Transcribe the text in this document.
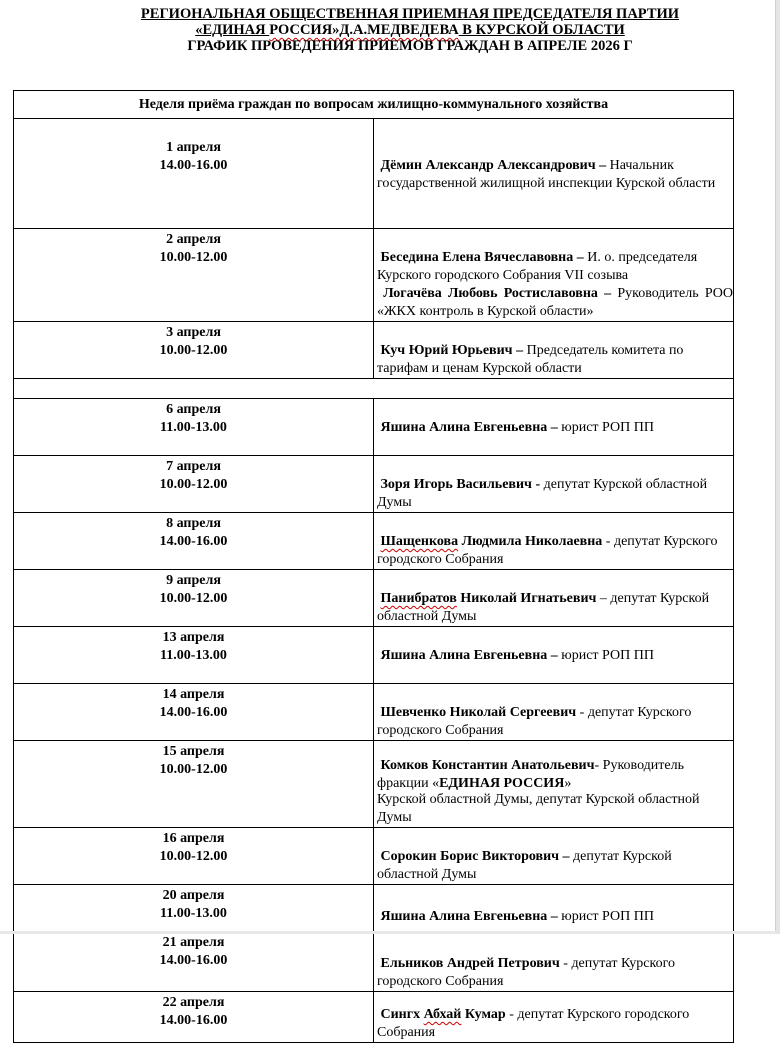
РЕГИОНАЛЬНАЯ ОБЩЕСТВЕННАЯ ПРИЕМНАЯ ПРЕДСЕДАТЕЛЯ ПАРТИИ
«ЕДИНАЯ РОССИЯ»Д.А.МЕДВЕДЕВА В КУРСКОЙ ОБЛАСТИ
ГРАФИК ПРОВЕДЕНИЯ ПРИЕМОВ ГРАЖДАН В АПРЕЛЕ 2026 Г
Неделя приёма граждан по вопросам жилищно-коммунального хозяйства	

1 апреля
14.00-16.00	Дёмин Александр Александрович – Начальник государственной жилищной инспекции Курской области

2 апреля
10.00-12.00	Беседина Елена Вячеславовна – И. о. председателя Курского городского Собрания VII созыва
Логачёва Любовь Ростиславовна – Руководитель РОО «ЖКХ контроль в Курской области»

3 апреля
10.00-12.00	Куч Юрий Юрьевич – Председатель комитета по тарифам и ценам Курской области

6 апреля
11.00-13.00	Яшина Алина Евгеньевна – юрист РОП ПП

7 апреля
10.00-12.00	Зоря Игорь Васильевич - депутат Курской областной Думы

8 апреля
14.00-16.00	Шащенкова Людмила Николаевна - депутат Курского городского Собрания

9 апреля
10.00-12.00	Панибратов Николай Игнатьевич – депутат Курской областной Думы

13 апреля
11.00-13.00	Яшина Алина Евгеньевна – юрист РОП ПП

14 апреля
14.00-16.00	Шевченко Николай Сергеевич - депутат Курского городского Собрания

15 апреля
10.00-12.00	Комков Константин Анатольевич- Руководитель фракции «ЕДИНАЯ РОССИЯ»
Курской областной Думы, депутат Курской областной Думы

16 апреля
10.00-12.00	Сорокин Борис Викторович – депутат Курской областной Думы

20 апреля
11.00-13.00	Яшина Алина Евгеньевна – юрист РОП ПП

21 апреля
14.00-16.00	Ельников Андрей Петрович - депутат Курского городского Собрания

22 апреля
14.00-16.00	Сингх Абхай Кумар - депутат Курского городского Собрания
